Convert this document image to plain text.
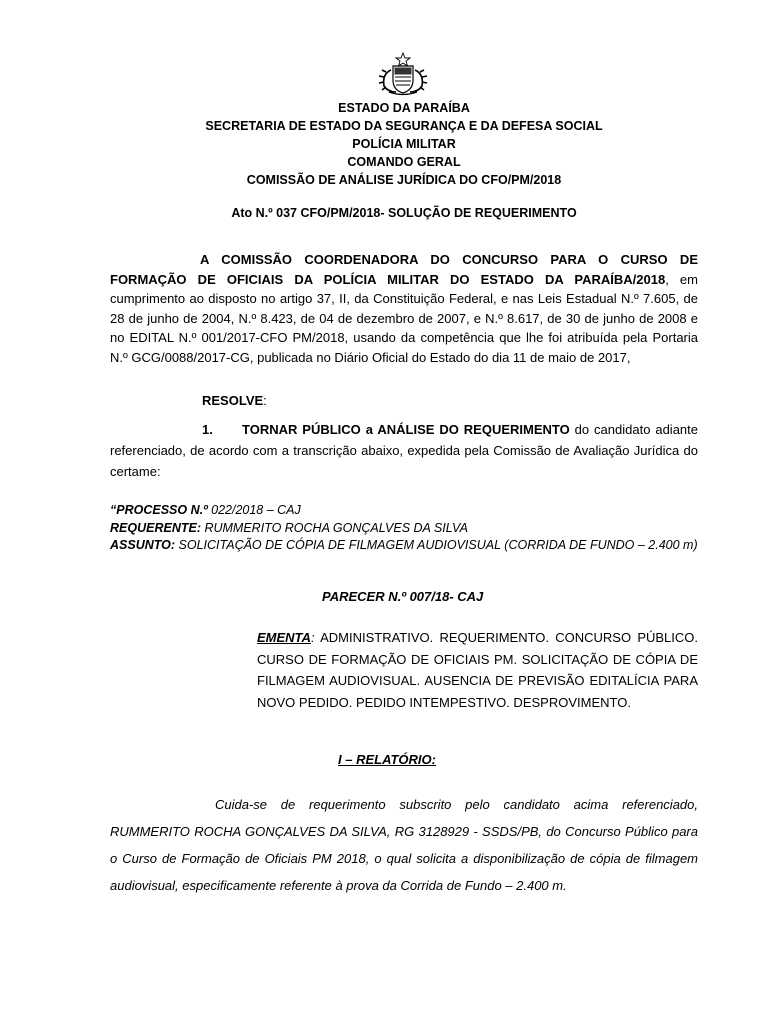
ESTADO DA PARAÍBA
SECRETARIA DE ESTADO DA SEGURANÇA E DA DEFESA SOCIAL
POLÍCIA MILITAR
COMANDO GERAL
COMISSÃO DE ANÁLISE JURÍDICA DO CFO/PM/2018
Ato N.º 037 CFO/PM/2018- SOLUÇÃO DE REQUERIMENTO
A COMISSÃO COORDENADORA DO CONCURSO PARA O CURSO DE FORMAÇÃO DE OFICIAIS DA POLÍCIA MILITAR DO ESTADO DA PARAÍBA/2018, em cumprimento ao disposto no artigo 37, II, da Constituição Federal, e nas Leis Estadual N.º 7.605, de 28 de junho de 2004, N.º 8.423, de 04 de dezembro de 2007, e N.º 8.617, de 30 de junho de 2008 e no EDITAL N.º 001/2017-CFO PM/2018, usando da competência que lhe foi atribuída pela Portaria N.º GCG/0088/2017-CG, publicada no Diário Oficial do Estado do dia 11 de maio de 2017,
RESOLVE:
1. TORNAR PÚBLICO a ANÁLISE DO REQUERIMENTO do candidato adiante referenciado, de acordo com a transcrição abaixo, expedida pela Comissão de Avaliação Jurídica do certame:
“PROCESSO N.º 022/2018 – CAJ
REQUERENTE: RUMMERITO ROCHA GONÇALVES DA SILVA
ASSUNTO: SOLICITAÇÃO DE CÓPIA DE FILMAGEM AUDIOVISUAL (CORRIDA DE FUNDO – 2.400 m)
PARECER N.º 007/18- CAJ
EMENTA: ADMINISTRATIVO. REQUERIMENTO. CONCURSO PÚBLICO. CURSO DE FORMAÇÃO DE OFICIAIS PM. SOLICITAÇÃO DE CÓPIA DE FILMAGEM AUDIOVISUAL. AUSENCIA DE PREVISÃO EDITALÍCIA PARA NOVO PEDIDO. PEDIDO INTEMPESTIVO. DESPROVIMENTO.
I – RELATÓRIO:
Cuida-se de requerimento subscrito pelo candidato acima referenciado, RUMMERITO ROCHA GONÇALVES DA SILVA, RG 3128929 - SSDS/PB, do Concurso Público para o Curso de Formação de Oficiais PM 2018, o qual solicita a disponibilização de cópia de filmagem audiovisual, especificamente referente à prova da Corrida de Fundo – 2.400 m.
